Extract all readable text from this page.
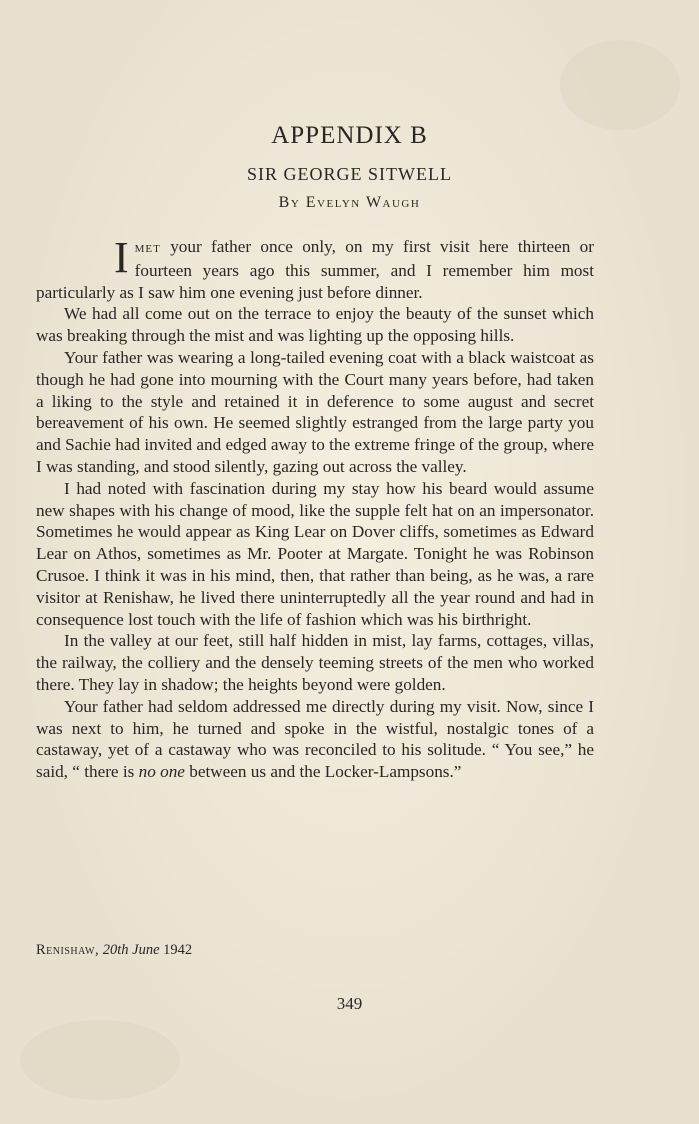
APPENDIX B
SIR GEORGE SITWELL
By Evelyn Waugh

Imet your father once only, on my first visit here thirteen or fourteen years ago this summer, and I remember him most particularly as I saw him one evening just before dinner.

We had all come out on the terrace to enjoy the beauty of the sunset which was breaking through the mist and was lighting up the opposing hills.

Your father was wearing a long-tailed evening coat with a black waistcoat as though he had gone into mourning with the Court many years before, had taken a liking to the style and retained it in deference to some august and secret bereavement of his own. He seemed slightly estranged from the large party you and Sachie had invited and edged away to the extreme fringe of the group, where I was standing, and stood silently, gazing out across the valley.

I had noted with fascination during my stay how his beard would assume new shapes with his change of mood, like the supple felt hat on an impersonator. Sometimes he would appear as King Lear on Dover cliffs, sometimes as Edward Lear on Athos, sometimes as Mr. Pooter at Margate. Tonight he was Robinson Crusoe. I think it was in his mind, then, that rather than being, as he was, a rare visitor at Renishaw, he lived there uninterruptedly all the year round and had in consequence lost touch with the life of fashion which was his birthright.

In the valley at our feet, still half hidden in mist, lay farms, cottages, villas, the railway, the colliery and the densely teeming streets of the men who worked there. They lay in shadow; the heights beyond were golden.

Your father had seldom addressed me directly during my visit. Now, since I was next to him, he turned and spoke in the wistful, nostalgic tones of a castaway, yet of a castaway who was reconciled to his solitude. “ You see,” he said, “ there is no one between us and the Locker-Lampsons.”

Renishaw, 20th June 1942
349
